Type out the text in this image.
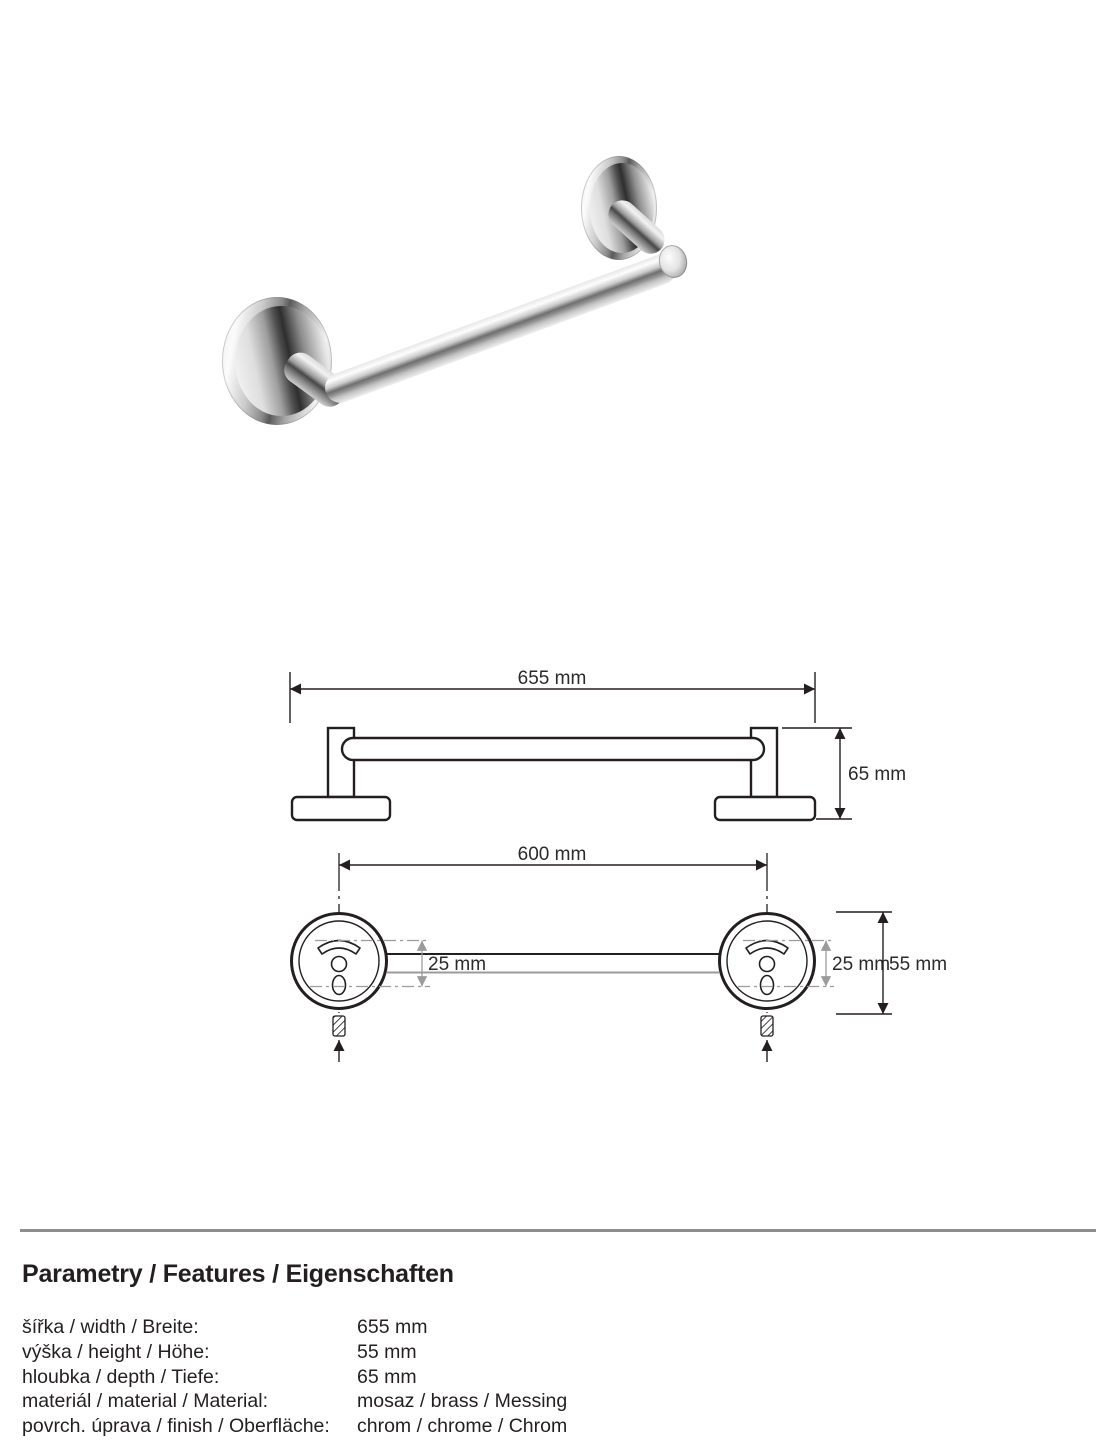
655 mm
65 mm
600 mm
25 mm	25 mm
55 mm
Parametry / Features / Eigenschaften
šířka / width / Breite:	655 mm
výška / height / Höhe:	55 mm
hloubka / depth / Tiefe:	65 mm
materiál / material / Material:	mosaz / brass / Messing
povrch. úprava / finish / Oberfläche:	chrom / chrome / Chrom
